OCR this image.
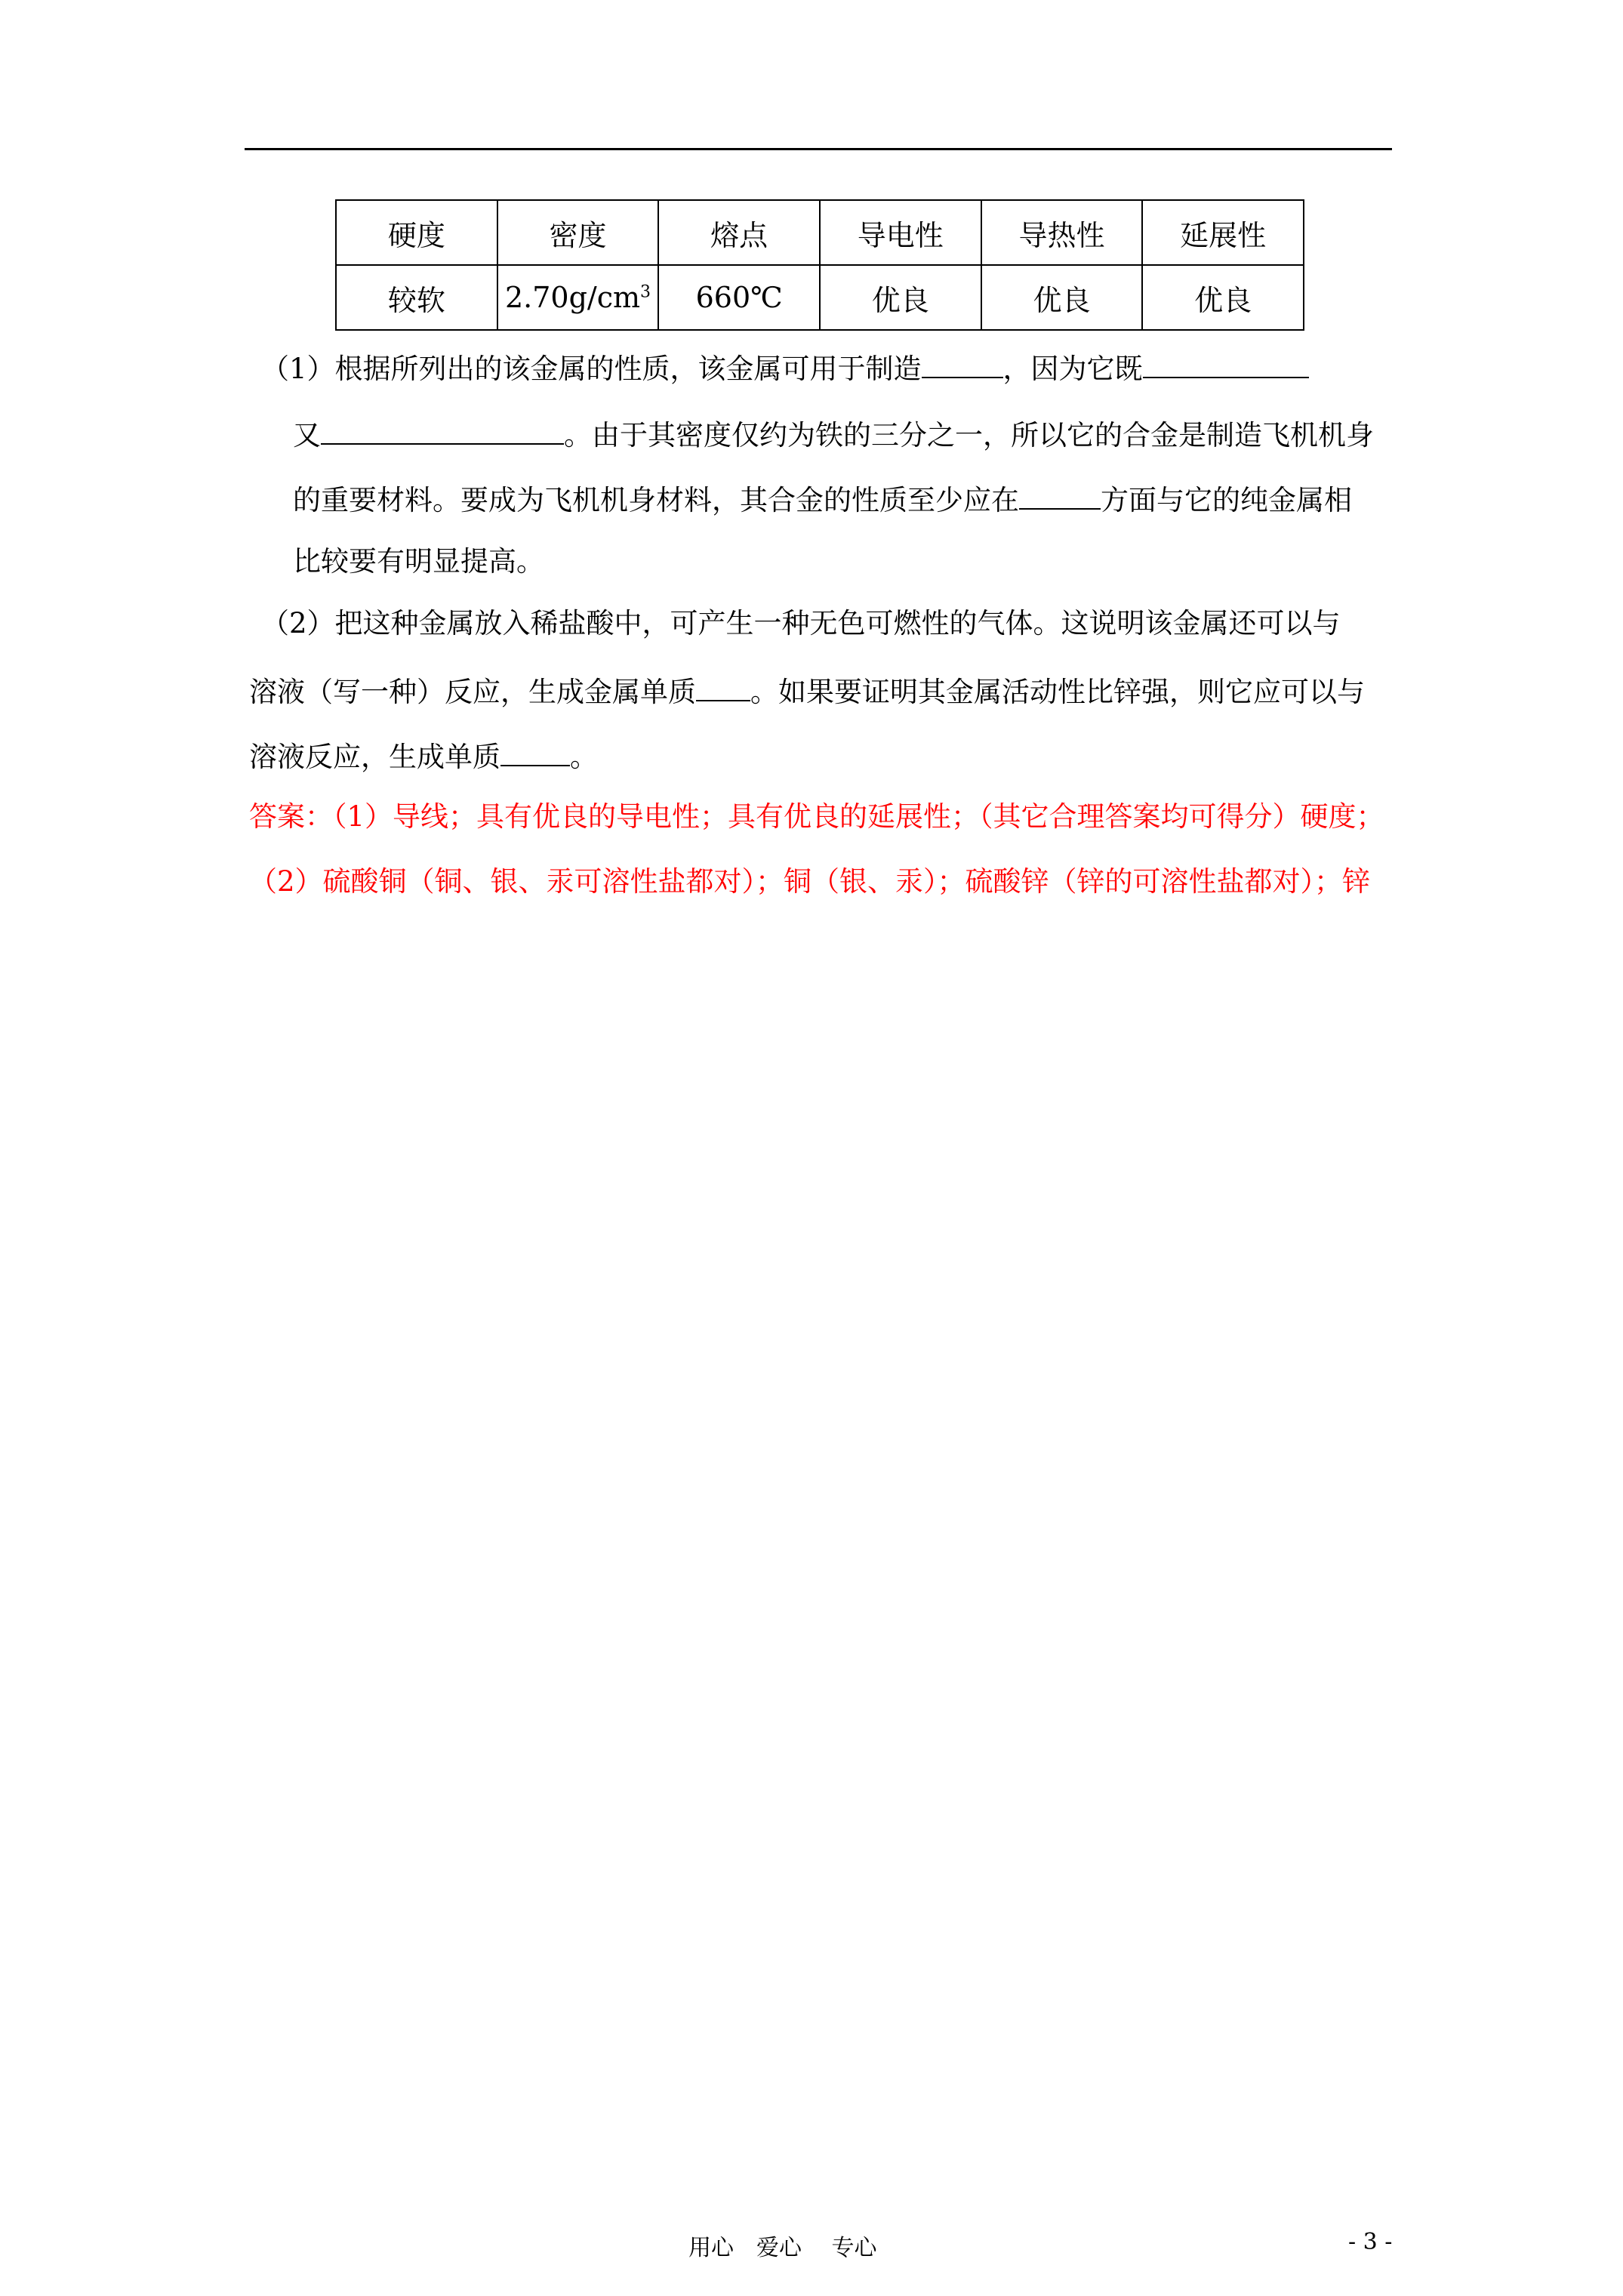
硬度	密度	熔点	导电性	导热性	延展性
较软	$2.70g/cm^3$	660℃	优良	优良	优良
（1）根据所列出的该金属的性质，该金属可用于制造	，因为它既
又	。由于其密度仅约为铁的三分之一，所以它的合金是制造飞机机身
的重要材料。要成为飞机机身材料，其合金的性质至少应在	方面与它的纯金属相
比较要有明显提高。
（2）把这种金属放入稀盐酸中，可产生一种无色可燃性的气体。这说明该金属还可以与
溶液（写一种）反应，生成金属单质 。如果要证明其金属活动性比锌强，则它应可以与
溶液反应，生成单质 。
答案：（1）导线；具有优良的导电性；具有优良的延展性；（其它合理答案均可得分）硬度；
（2）硫酸铜（铜、银、汞可溶性盐都对）；铜（银、汞）；硫酸锌（锌的可溶性盐都对）；锌
用心　爱心　 专心	- 3 -
